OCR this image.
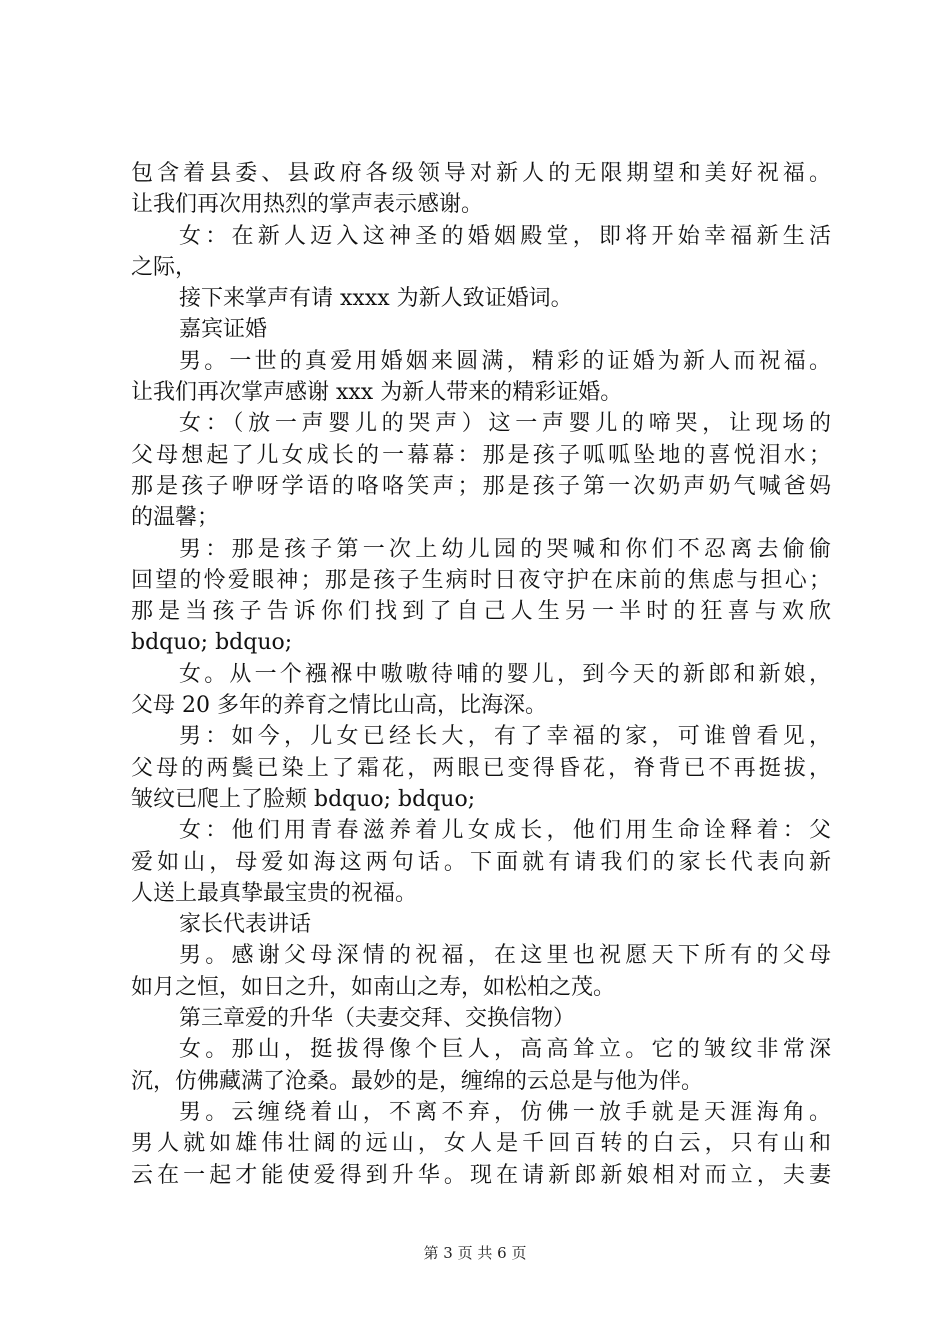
包含着县委、县政府各级领导对新人的无限期望和美好祝福。
让我们再次用热烈的掌声表示感谢。
女：在新人迈入这神圣的婚姻殿堂，即将开始幸福新生活
之际，
接下来掌声有请 xxxx 为新人致证婚词。
嘉宾证婚
男。一世的真爱用婚姻来圆满，精彩的证婚为新人而祝福。
让我们再次掌声感谢 xxx 为新人带来的精彩证婚。
女：（放一声婴儿的哭声）这一声婴儿的啼哭，让现场的
父母想起了儿女成长的一幕幕：那是孩子呱呱坠地的喜悦泪水；
那是孩子咿呀学语的咯咯笑声；那是孩子第一次奶声奶气喊爸妈
的温馨；
男：那是孩子第一次上幼儿园的哭喊和你们不忍离去偷偷
回望的怜爱眼神；那是孩子生病时日夜守护在床前的焦虑与担心；
那是当孩子告诉你们找到了自己人生另一半时的狂喜与欢欣
bdquo; bdquo;
女。从一个襁褓中嗷嗷待哺的婴儿，到今天的新郎和新娘，
父母 20 多年的养育之情比山高，比海深。
男：如今，儿女已经长大，有了幸福的家，可谁曾看见，
父母的两鬓已染上了霜花，两眼已变得昏花，脊背已不再挺拔，
皱纹已爬上了脸颊 bdquo; bdquo;
女：他们用青春滋养着儿女成长，他们用生命诠释着：父
爱如山，母爱如海这两句话。下面就有请我们的家长代表向新
人送上最真挚最宝贵的祝福。
家长代表讲话
男。感谢父母深情的祝福，在这里也祝愿天下所有的父母
如月之恒，如日之升，如南山之寿，如松柏之茂。
第三章爱的升华（夫妻交拜、交换信物）
女。那山，挺拔得像个巨人，高高耸立。它的皱纹非常深
沉，仿佛藏满了沧桑。最妙的是，缠绵的云总是与他为伴。
男。云缠绕着山，不离不弃，仿佛一放手就是天涯海角。
男人就如雄伟壮阔的远山，女人是千回百转的白云，只有山和
云在一起才能使爱得到升华。现在请新郎新娘相对而立，夫妻
第 3 页 共 6 页
